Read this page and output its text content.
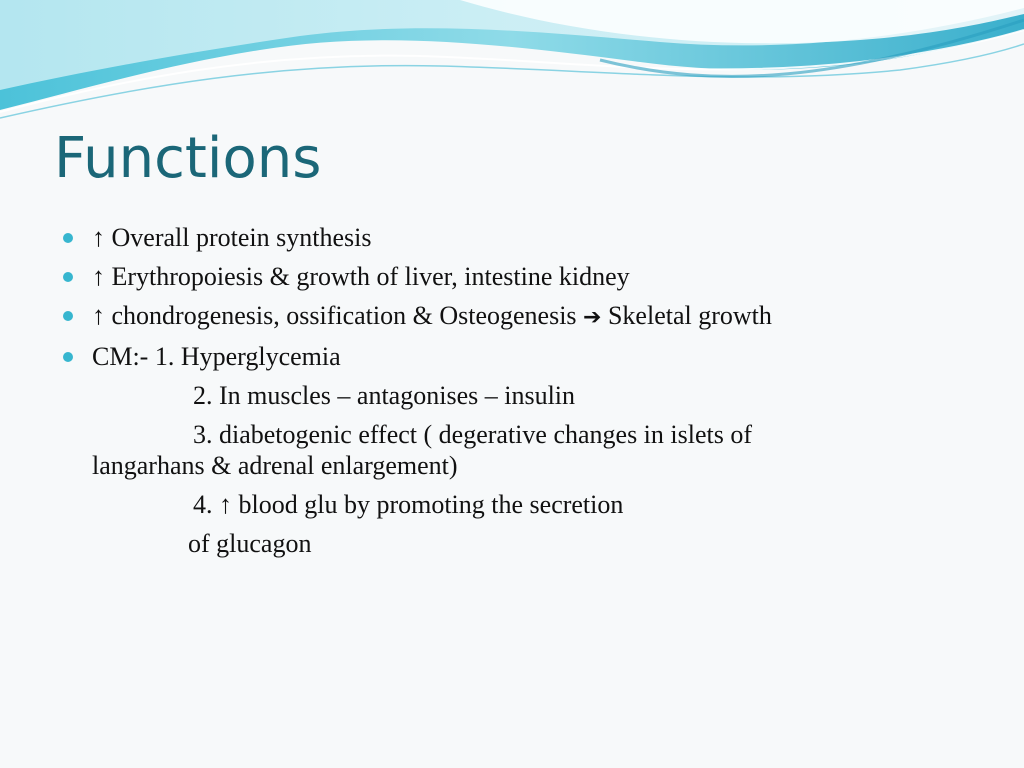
Functions
↑ Overall protein synthesis
↑ Erythropoiesis & growth of liver, intestine kidney
↑ chondrogenesis, ossification & Osteogenesis ➔ Skeletal growth
CM:- 1. Hyperglycemia
2. In muscles – antagonises – insulin
3. diabetogenic effect ( degerative changes in islets of
langarhans & adrenal enlargement)
4. ↑ blood glu by promoting the secretion
of glucagon
